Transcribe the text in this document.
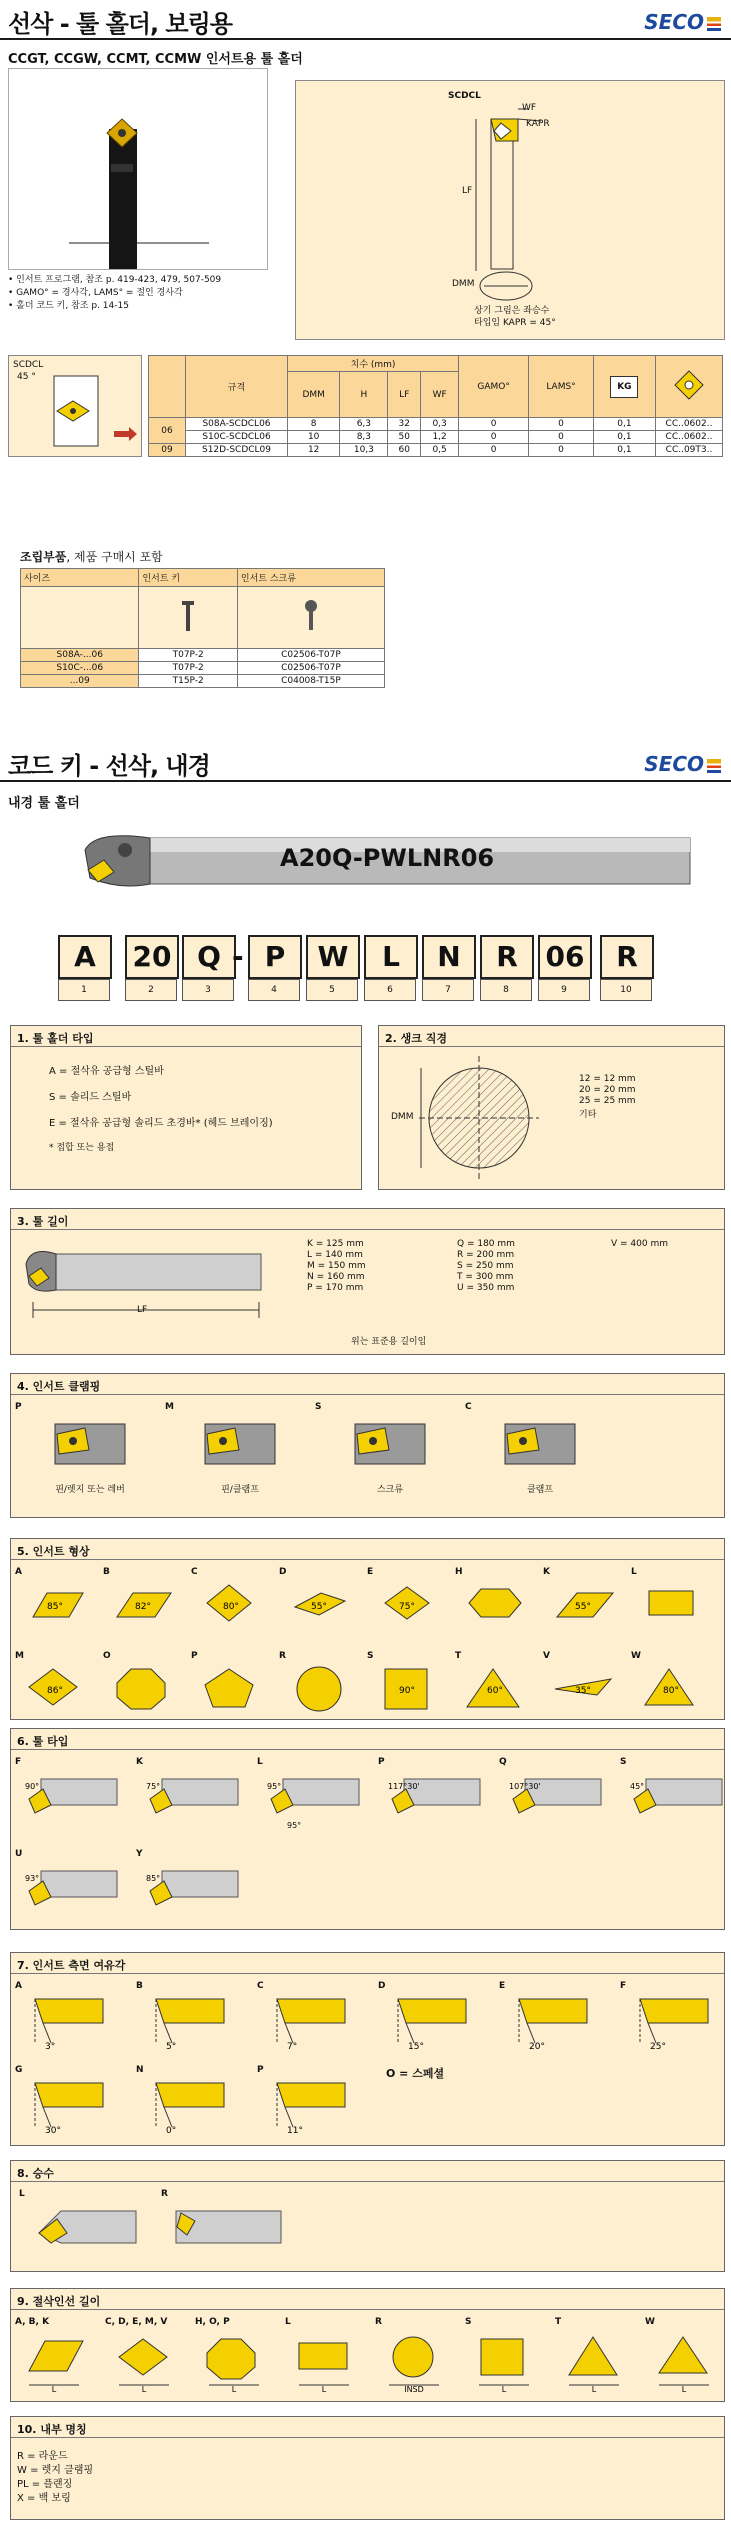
선삭 - 툴 홀더, 보링용	SECO
CCGT, CCGW, CCMT, CCMW 인서트용 툴 홀더
• 인서트 프로그램, 참조 p. 419-423, 479, 507-509
• GAMO° = 경사각, LAMS° = 절인 경사각
• 홀더 코드 키, 참조 p. 14-15
SCDCL
WF
KAPR
LF
DMM
상기 그림은 좌승수
타입임 KAPR = 45°
SCDCL
45 °
	규격	치수 (mm)				GAMO°	LAMS°	KG

		DMM	H	LF	WF				
06	S08A-SCDCL06	8	6,3	32	0,3	0	0	0,1	CC..0602..
	S10C-SCDCL06	10	8,3	50	1,2	0	0	0,1	CC..0602..
09	S12D-SCDCL09	12	10,3	60	0,5	0	0	0,1	CC..09T3..
조립부품, 제품 구매시 포함
사이즈	인서트 키	인서트 스크류

S08A-...06	T07P-2	C02506-T07P
S10C-...06	T07P-2	C02506-T07P
...09	T15P-2	C04008-T15P
코드 키 - 선삭, 내경	SECO
내경 툴 홀더
A20Q-PWLNR06
A
1
20
2
Q
3
- P
4
W
5
L
6
N
7
R
8
06
9
R
10
1. 툴 홀더 타입
A = 절삭유 공급형 스틸바
S = 솔리드 스틸바
E = 절삭유 공급형 솔리드 초경바* (헤드 브레이징)
* 접합 또는 용접
2. 생크 직경
DMM
12 = 12 mm
20 = 20 mm
25 = 25 mm
기타
3. 툴 길이
LF
K = 125 mm
L = 140 mm
M = 150 mm
N = 160 mm
P = 170 mm
Q = 180 mm
R = 200 mm
S = 250 mm
T = 300 mm
U = 350 mm
V = 400 mm
위는 표준용 길이임
4. 인서트 클램핑
P
핀/렛지 또는 레버
M
핀/클램프
S
스크류
C
클램프
5. 인서트 형상
A
85°
B
82°
C
80°
D
55°
E
75°
H	K
55°
L
M
86°
O	P	R	S
90°
T
60°
V
35°
W
80°
6. 툴 타입
F
90°
K
75°
L
95°
P
117°30'
Q
107°30'
S
45°
U
93°
Y
85°
95°
7. 인서트 측면 여유각
A
3°
B
5°
C
7°
D
15°
E
20°
F
25°
G
30°
N
0°
P
11°
O = 스페셜
8. 승수
L	R
9. 절삭인선 길이
A, B, K
L
C, D, E, M, V
L
H, O, P
L
L
L
R
INSD
S
L
T
L
W
L
10. 내부 명칭
R = 라운드
W = 렛지 클램핑
PL = 플랜징
X = 백 보링
